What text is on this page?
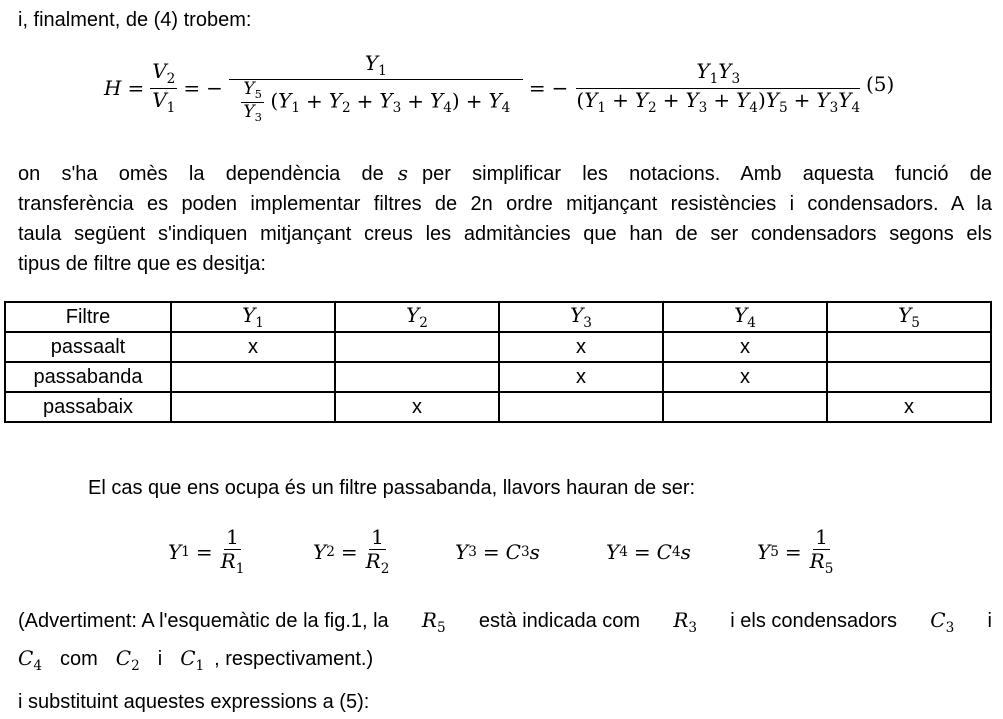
i, finalment, de (4) trobem:
$H = \frac{V_2}{V_1}$ = − $\frac{Y_1}{\frac{Y_5}{Y_3} (Y_1 + Y_2 + Y_3 + Y_4) + Y_4}$ = − $\frac{Y_1Y_3}{(Y_1 + Y_2 + Y_3 + Y_4)Y_5 + Y_3Y_4} (5)$
on s'ha omès la dependència de s per simplificar les notacions. Amb aquesta funció de
transferència es poden implementar filtres de 2n ordre mitjançant resistències i condensadors. A la
taula següent s'indiquen mitjançant creus les admitàncies que han de ser condensadors segons els
tipus de filtre que es desitja:
Filtre	$Y_1$	$Y_2$	$Y_3$	$Y_4$	$Y_5$
passaalt	x		x	x	
passabanda			x	x	
passabaix		x			x
El cas que ens ocupa és un filtre passabanda, llavors hauran de ser:
Y $1 = \frac{1}{R_1}$	Y $2 = \frac{1}{R_2}$	Y 3 = C 3 s	Y 4 = C 4 s	Y $5 = \frac{1}{R_5}$
(Advertiment: A l'esquemàtic de la fig.1, la $R_5$ està indicada com $R_3$ i els condensadors $C_3$ i
$C_4$ com $C_2$ i $C_1$ , respectivament.)
i substituint aquestes expressions a (5):
